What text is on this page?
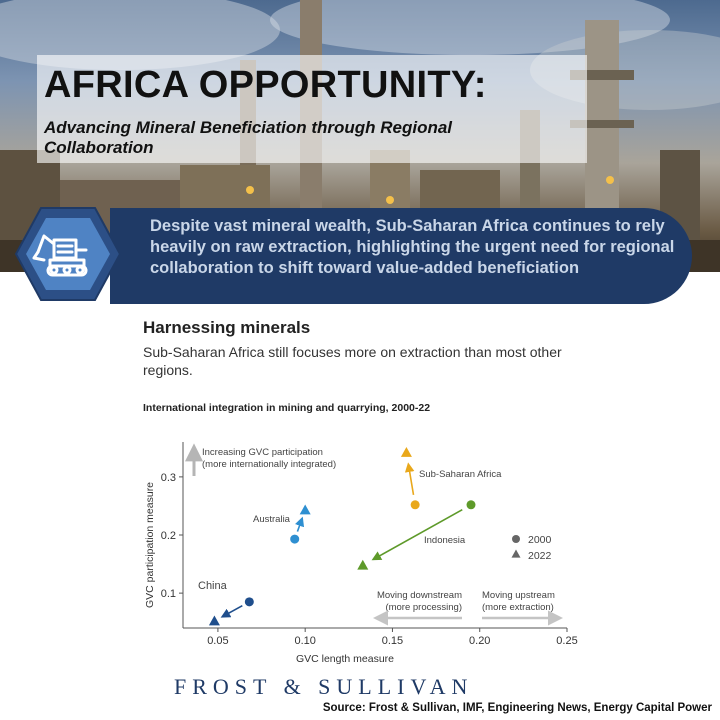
AFRICA OPPORTUNITY:

Advancing Mineral Beneficiation through Regional Collaboration

Despite vast mineral wealth, Sub-Saharan Africa continues to rely heavily on raw extraction, highlighting the urgent need for regional collaboration to shift toward value-added beneficiation

Harnessing minerals

Sub-Saharan Africa still focuses more on extraction than most other regions.

International integration in mining and quarrying, 2000-22

0.05	0.10	0.15	0.20	0.25
0.1
0.2
0.3
GVC length measure
GVC participation measure	China
Australia
Indonesia
Sub-Saharan Africa
2000
2022
Increasing GVC participation
(more internationally integrated)
Moving downstream
(more processing)
Moving upstream
(more extraction)

FROST & SULLIVAN

Source: Frost & Sullivan, IMF, Engineering News, Energy Capital Power
